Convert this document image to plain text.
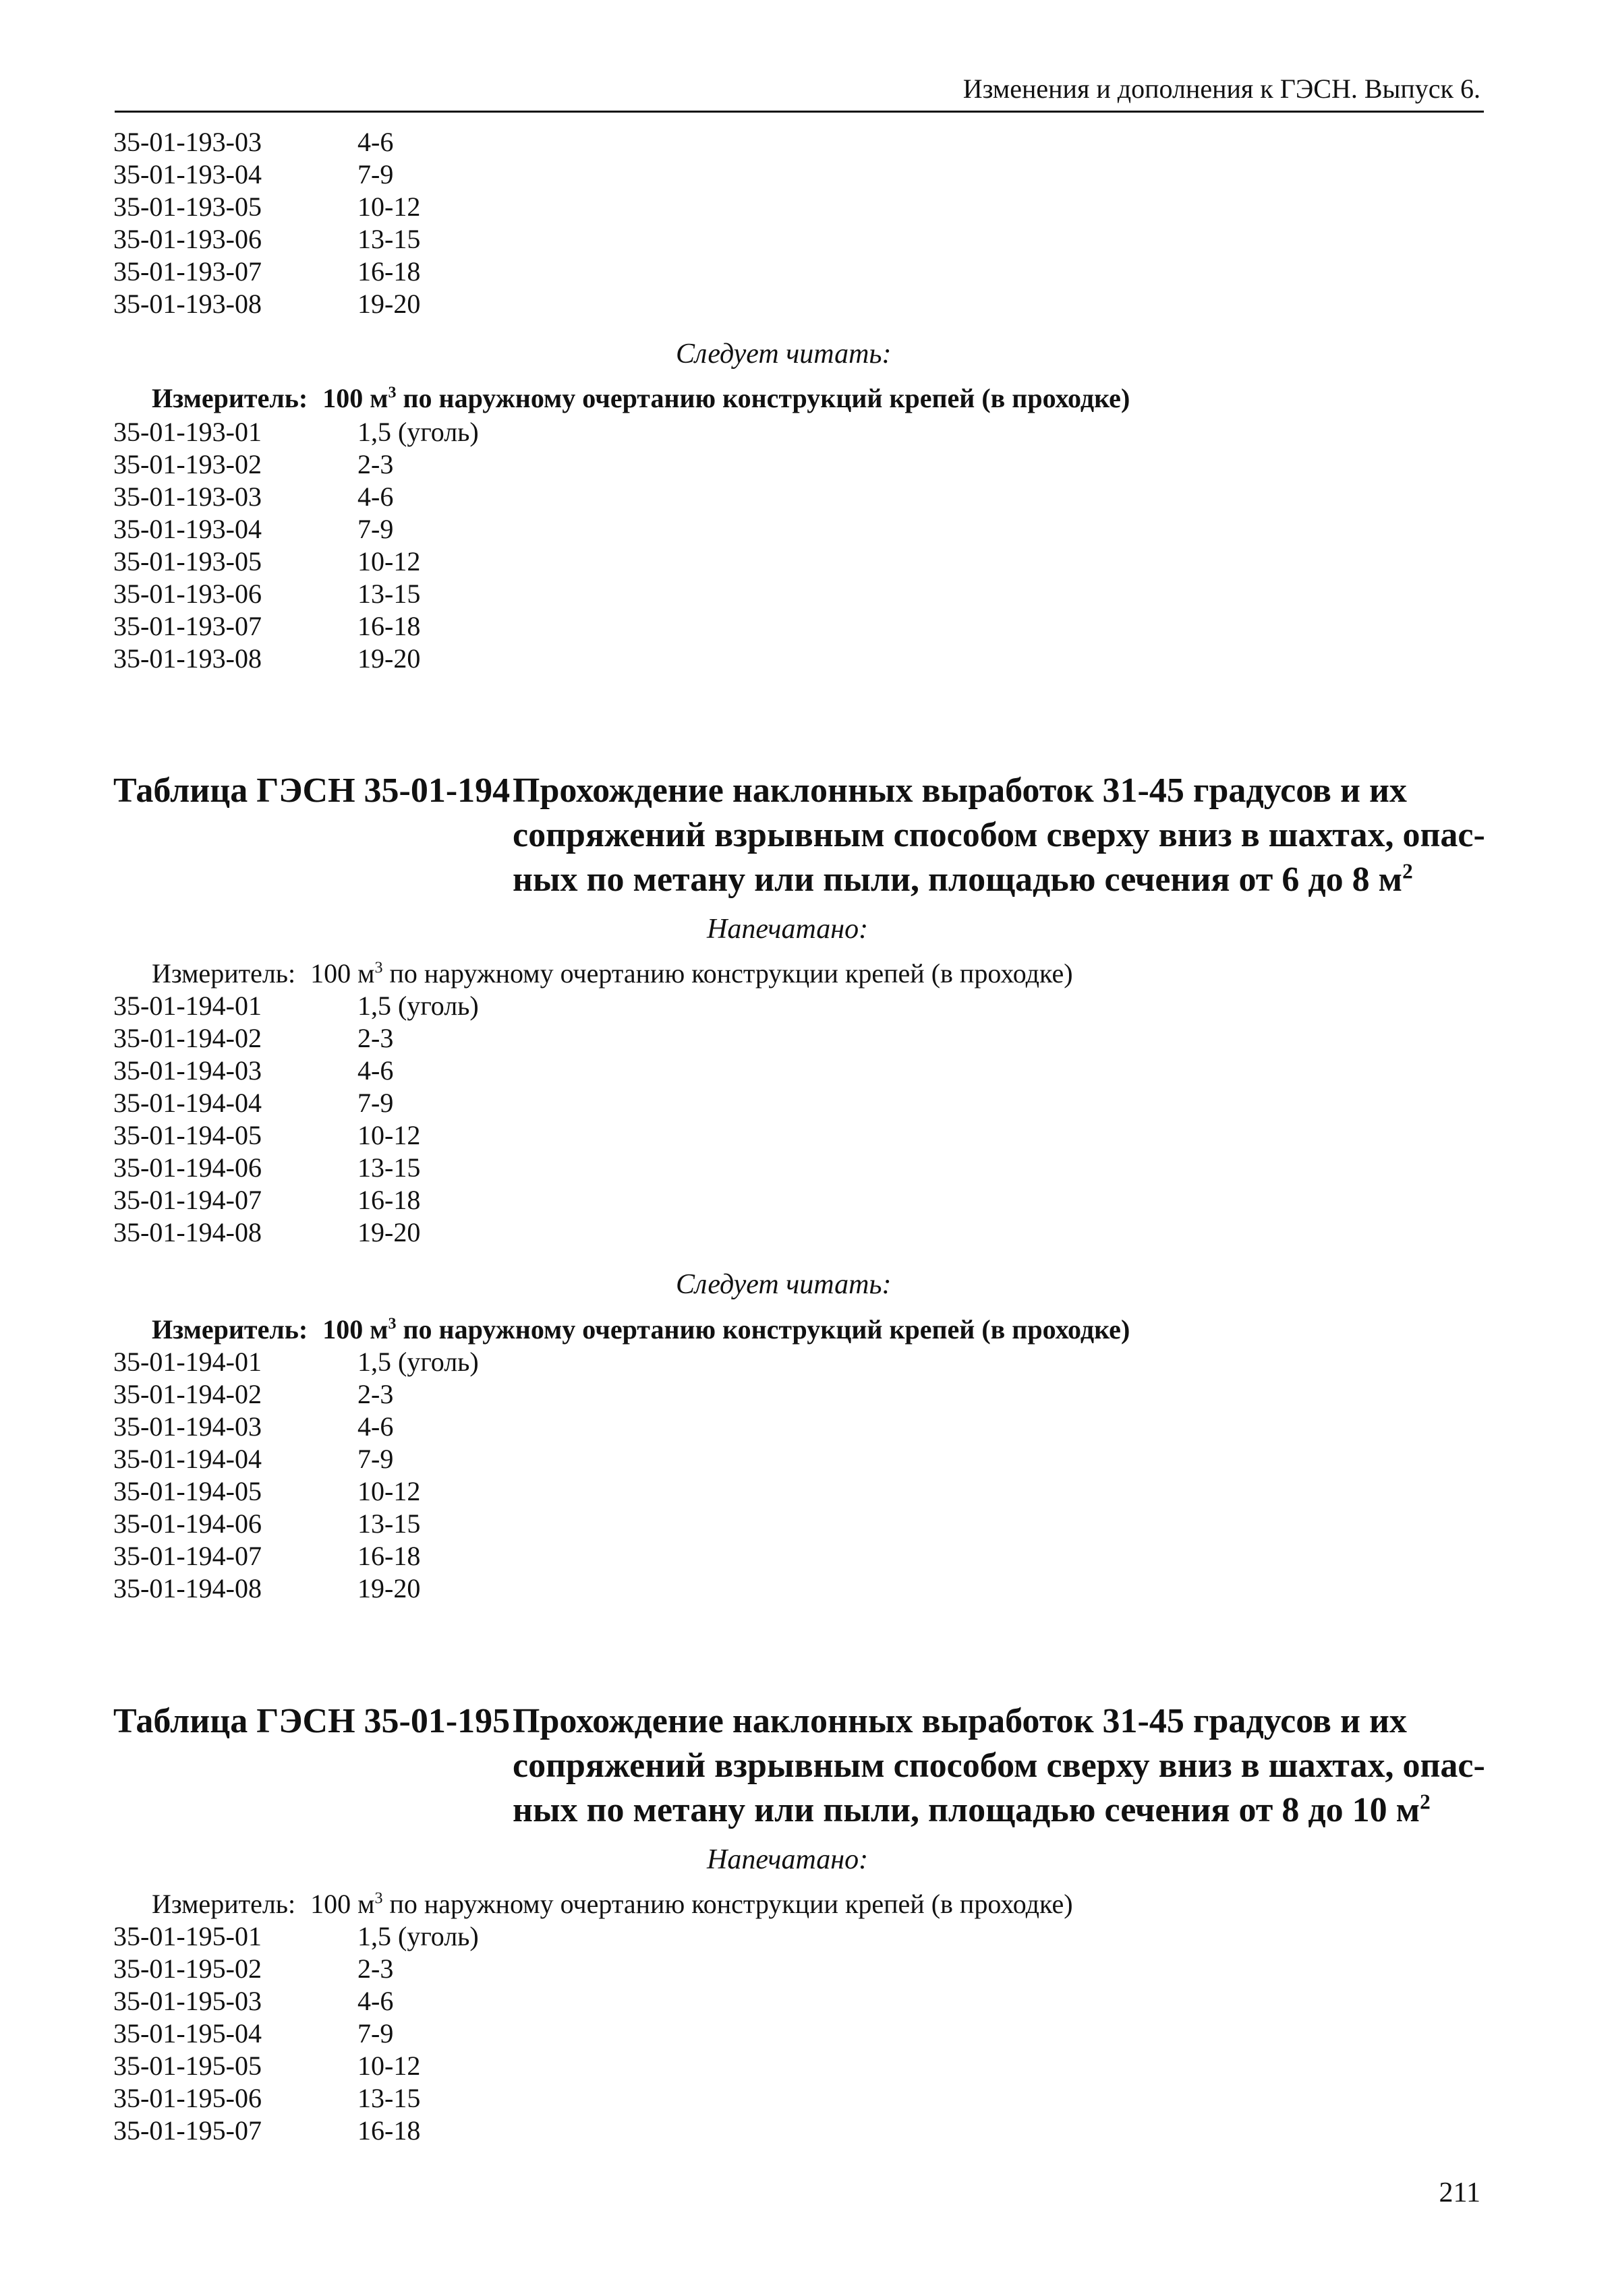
Изменения и дополнения к ГЭСН. Выпуск 6.
35-01-193-03	4-6
35-01-193-04	7-9
35-01-193-05	10-12
35-01-193-06	13-15
35-01-193-07	16-18
35-01-193-08	19-20
Следует читать:
Измеритель: 100 $м^3$ по наружному очертанию конструкций крепей (в проходке)
35-01-193-01	1,5 (уголь)
35-01-193-02	2-3
35-01-193-03	4-6
35-01-193-04	7-9
35-01-193-05	10-12
35-01-193-06	13-15
35-01-193-07	16-18
35-01-193-08	19-20
Таблица ГЭСН 35-01-194 Прохождение наклонных выработок 31-45 градусов и их
сопряжений взрывным способом сверху вниз в шахтах, опас-
ных по метану или пыли, площадью сечения от 6 до 8 $м^2$
Напечатано:
Измеритель: 100 $м^3$ по наружному очертанию конструкции крепей (в проходке)
35-01-194-01	1,5 (уголь)
35-01-194-02	2-3
35-01-194-03	4-6
35-01-194-04	7-9
35-01-194-05	10-12
35-01-194-06	13-15
35-01-194-07	16-18
35-01-194-08	19-20
Следует читать:
Измеритель: 100 $м^3$ по наружному очертанию конструкций крепей (в проходке)
35-01-194-01	1,5 (уголь)
35-01-194-02	2-3
35-01-194-03	4-6
35-01-194-04	7-9
35-01-194-05	10-12
35-01-194-06	13-15
35-01-194-07	16-18
35-01-194-08	19-20
Таблица ГЭСН 35-01-195 Прохождение наклонных выработок 31-45 градусов и их
сопряжений взрывным способом сверху вниз в шахтах, опас-
ных по метану или пыли, площадью сечения от 8 до 10 $м^2$
Напечатано:
Измеритель: 100 $м^3$ по наружному очертанию конструкции крепей (в проходке)
35-01-195-01	1,5 (уголь)
35-01-195-02	2-3
35-01-195-03	4-6
35-01-195-04	7-9
35-01-195-05	10-12
35-01-195-06	13-15
35-01-195-07	16-18
211
